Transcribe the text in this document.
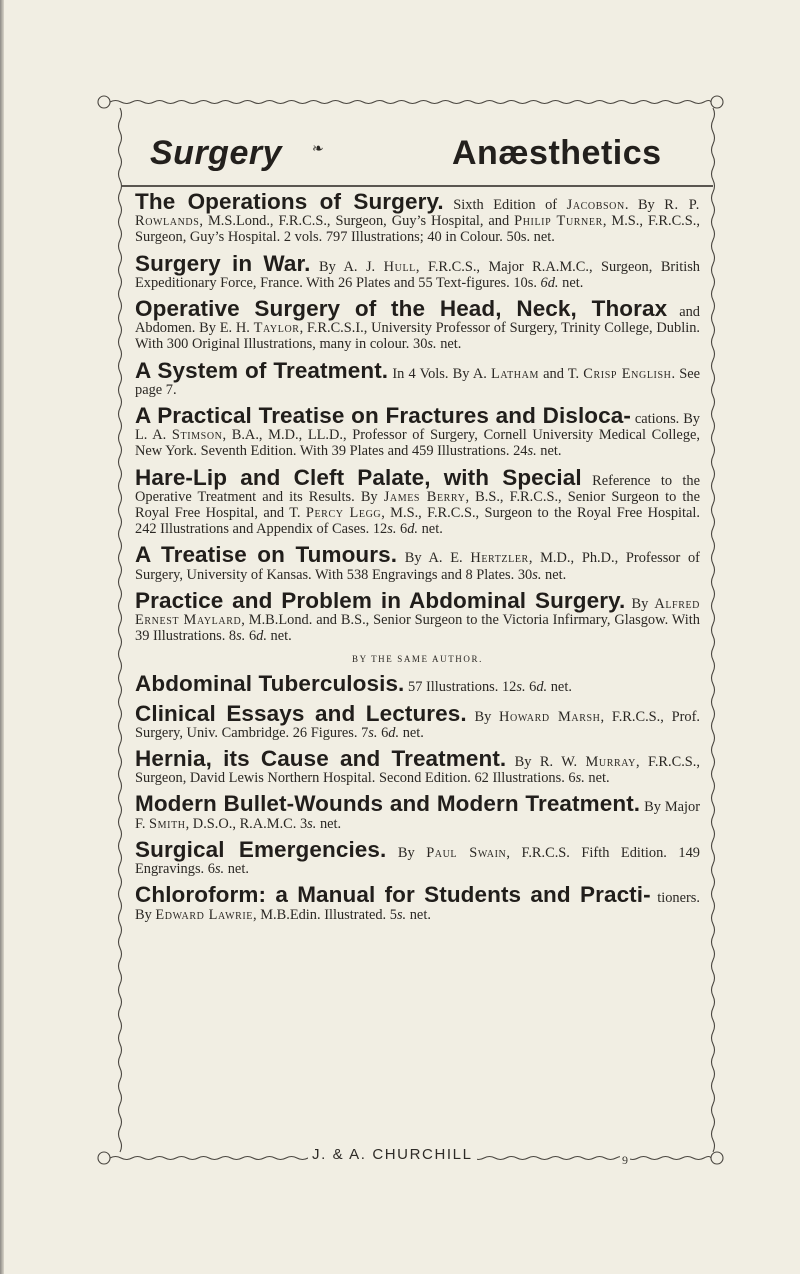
Surgery ❧	Anæsthetics

The Operations of Surgery. Sixth Edition of Jacobson. By R. P. Rowlands, M.S.Lond., F.R.C.S., Surgeon, Guy’s Hospital, and Philip Turner, M.S., F.R.C.S., Surgeon, Guy’s Hospital. 2 vols. 797 Illustrations; 40 in Colour. 50s. net.

Surgery in War. By A. J. Hull, F.R.C.S., Major R.A.M.C., Surgeon, British Expeditionary Force, France. With 26 Plates and 55 Text-figures. 10s. 6d. net.

Operative Surgery of the Head, Neck, Thorax and Abdomen. By E. H. Taylor, F.R.C.S.I., University Professor of Surgery, Trinity College, Dublin. With 300 Original Illustrations, many in colour. 30s. net.

A System of Treatment. In 4 Vols. By A. Latham and T. Crisp English. See page 7.

A Practical Treatise on Fractures and Disloca- cations. By L. A. Stimson, B.A., M.D., LL.D., Professor of Surgery, Cornell University Medical College, New York. Seventh Edition. With 39 Plates and 459 Illustrations. 24s. net.

Hare-Lip and Cleft Palate, with Special Reference to the Operative Treatment and its Results. By James Berry, B.S., F.R.C.S., Senior Surgeon to the Royal Free Hospital, and T. Percy Legg, M.S., F.R.C.S., Surgeon to the Royal Free Hospital. 242 Illustrations and Appendix of Cases. 12s. 6d. net.

A Treatise on Tumours. By A. E. Hertzler, M.D., Ph.D., Professor of Surgery, University of Kansas. With 538 Engravings and 8 Plates. 30s. net.

Practice and Problem in Abdominal Surgery. By Alfred Ernest Maylard, M.B.Lond. and B.S., Senior Surgeon to the Victoria Infirmary, Glasgow. With 39 Illustrations. 8s. 6d. net.

BY THE SAME AUTHOR.

Abdominal Tuberculosis. 57 Illustrations. 12s. 6d. net.

Clinical Essays and Lectures. By Howard Marsh, F.R.C.S., Prof. Surgery, Univ. Cambridge. 26 Figures. 7s. 6d. net.

Hernia, its Cause and Treatment. By R. W. Murray, F.R.C.S., Surgeon, David Lewis Northern Hospital. Second Edition. 62 Illustrations. 6s. net.

Modern Bullet-Wounds and Modern Treatment. By Major F. Smith, D.S.O., R.A.M.C. 3s. net.

Surgical Emergencies. By Paul Swain, F.R.C.S. Fifth Edition. 149 Engravings. 6s. net.

Chloroform: a Manual for Students and Practi- tioners. By Edward Lawrie, M.B.Edin. Illustrated. 5s. net.

J. & A. CHURCHILL	9
